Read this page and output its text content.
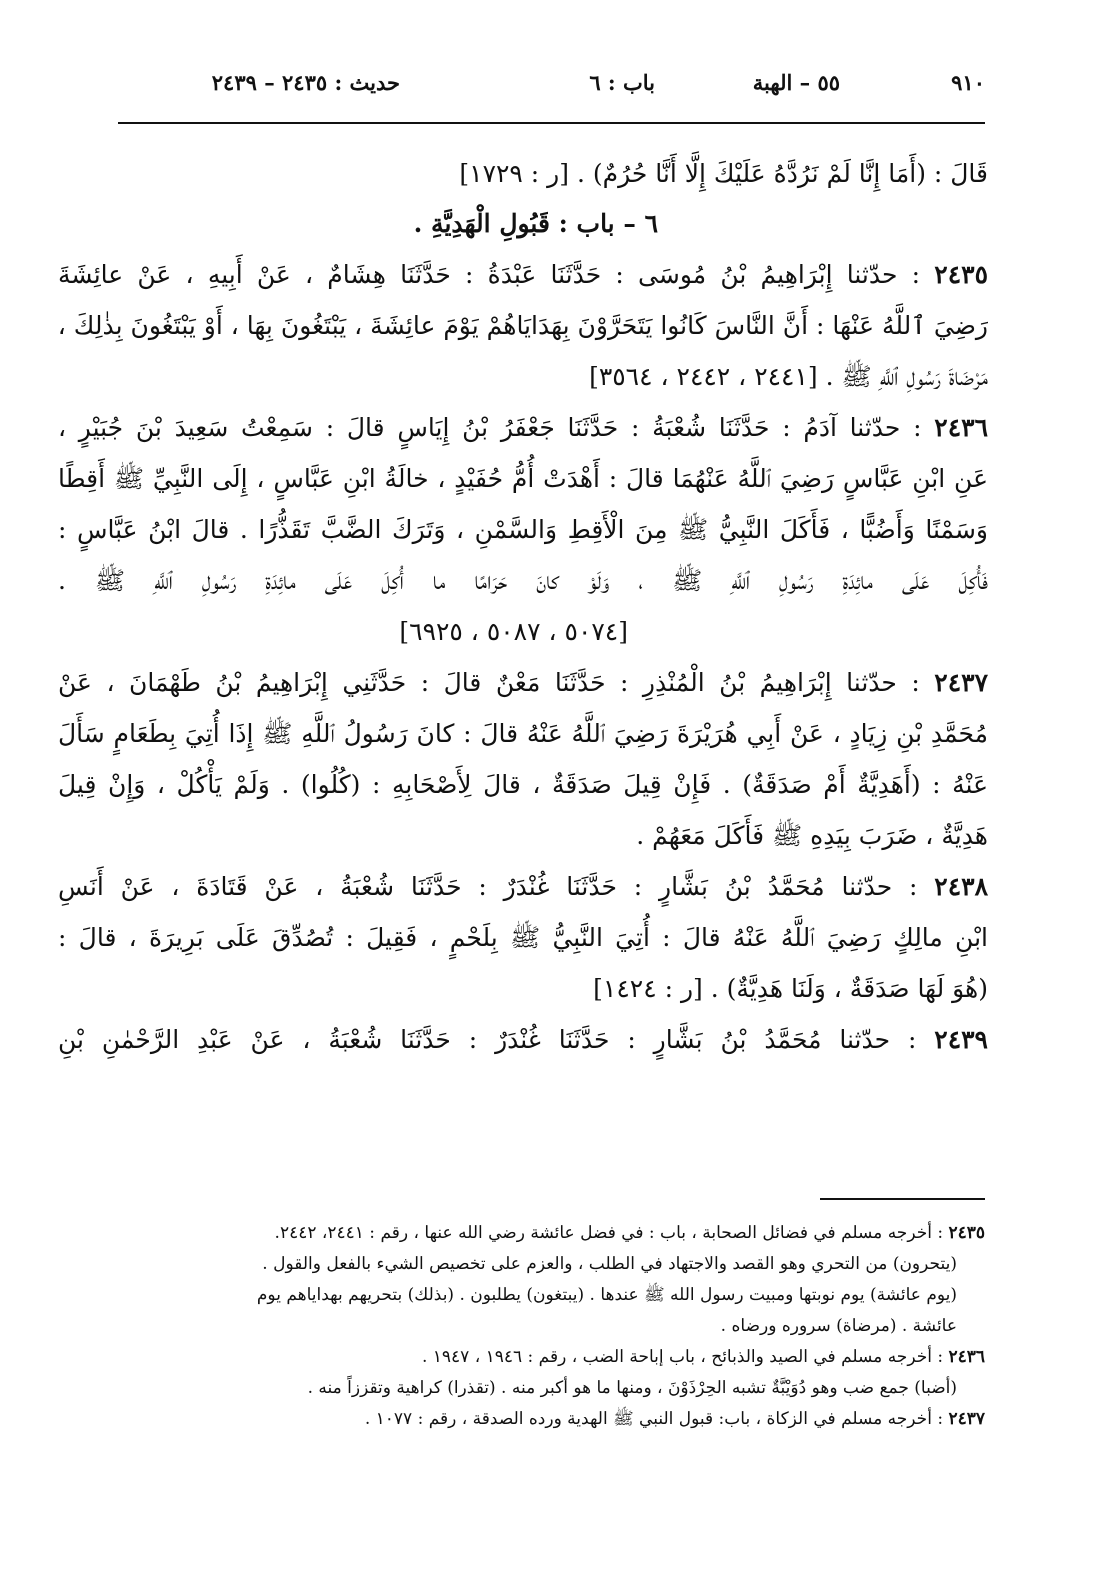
٩١٠
٥٥ – الهبة
باب : ٦
حديث : ٢٤٣٥ – ٢٤٣٩
قَالَ : (أَمَا إِنَّا لَمْ نَرُدَّهُ عَلَيْكَ إِلَّا أَنَّا حُرُمٌ) . [ر : ١٧٢٩]
٦ – باب : قَبُولِ الْهَدِيَّةِ .
٢٤٣٥ : حدّثنا إِبْرَاهِيمُ بْنُ مُوسَى : حَدَّثَنَا عَبْدَةُ : حَدَّثَنَا هِشَامٌ ، عَنْ أَبِيهِ ، عَنْ عائِشَةَ
رَضِيَ ٱللَّهُ عَنْهَا : أَنَّ النَّاسَ كَانُوا يَتَحَرَّوْنَ بِهَدَايَاهُمْ يَوْمَ عائِشَةَ ، يَبْتَغُونَ بِهَا ، أَوْ يَبْتَغُونَ بِذٰلِكَ ،
مَرْضَاةَ رَسُولِ ٱللَّهِ ﷺ . [٢٤٤١ ، ٢٤٤٢ ، ٣٥٦٤]
٢٤٣٦ : حدّثنا آدَمُ : حَدَّثَنَا شُعْبَةُ : حَدَّثَنَا جَعْفَرُ بْنُ إِيَاسٍ قالَ : سَمِعْتُ سَعِيدَ بْنَ جُبَيْرٍ ،
عَنِ ابْنِ عَبَّاسٍ رَضِيَ ٱللَّهُ عَنْهُمَا قالَ : أَهْدَتْ أُمُّ حُفَيْدٍ ، خالَةُ ابْنِ عَبَّاسٍ ، إِلَى النَّبِيِّ ﷺ أَقِطًا
وَسَمْنًا وَأَضُبًّا ، فَأَكَلَ النَّبِيُّ ﷺ مِنَ الْأَقِطِ وَالسَّمْنِ ، وَتَرَكَ الضَّبَّ تَقَذُّرًا . قالَ ابْنُ عَبَّاسٍ :
فَأُكِلَ عَلَى مائِدَةِ رَسُولِ ٱللَّهِ ﷺ ، وَلَوْ كانَ حَرَامًا ما أُكِلَ عَلَى مائِدَةِ رَسُولِ ٱللَّهِ ﷺ .
[٥٠٧٤ ، ٥٠٨٧ ، ٦٩٢٥]
٢٤٣٧ : حدّثنا إِبْرَاهِيمُ بْنُ الْمُنْذِرِ : حَدَّثَنَا مَعْنٌ قالَ : حَدَّثَنِي إِبْرَاهِيمُ بْنُ طَهْمَانَ ، عَنْ
مُحَمَّدِ بْنِ زِيَادٍ ، عَنْ أَبِي هُرَيْرَةَ رَضِيَ ٱللَّهُ عَنْهُ قالَ : كانَ رَسُولُ ٱللَّهِ ﷺ إِذَا أُتِيَ بِطَعَامٍ سَأَلَ
عَنْهُ : (أَهَدِيَّةٌ أَمْ صَدَقَةٌ) . فَإِنْ قِيلَ صَدَقَةٌ ، قالَ لِأَصْحَابِهِ : (كُلُوا) . وَلَمْ يَأْكُلْ ، وَإِنْ قِيلَ
هَدِيَّةٌ ، ضَرَبَ بِيَدِهِ ﷺ فَأَكَلَ مَعَهُمْ .
٢٤٣٨ : حدّثنا مُحَمَّدُ بْنُ بَشَّارٍ : حَدَّثَنَا غُنْدَرٌ : حَدَّثَنَا شُعْبَةُ ، عَنْ قَتَادَةَ ، عَنْ أَنَسِ
ابْنِ مالِكٍ رَضِيَ ٱللَّهُ عَنْهُ قالَ : أُتِيَ النَّبِيُّ ﷺ بِلَحْمٍ ، فَقِيلَ : تُصُدِّقَ عَلَى بَرِيرَةَ ، قالَ :
(هُوَ لَهَا صَدَقَةٌ ، وَلَنَا هَدِيَّةٌ) . [ر : ١٤٢٤]
٢٤٣٩ : حدّثنا مُحَمَّدُ بْنُ بَشَّارٍ : حَدَّثَنَا غُنْدَرٌ : حَدَّثَنَا شُعْبَةُ ، عَنْ عَبْدِ الرَّحْمٰنِ بْنِ
٢٤٣٥ : أخرجه مسلم في فضائل الصحابة ، باب : في فضل عائشة رضي الله عنها ، رقم : ٢٤٤١، ٢٤٤٢.
(يتحرون) من التحري وهو القصد والاجتهاد في الطلب ، والعزم على تخصيص الشيء بالفعل والقول .
(يوم عائشة) يوم نوبتها ومبيت رسول الله ﷺ عندها . (يبتغون) يطلبون . (بذلك) بتحريهم بهداياهم يوم
عائشة . (مرضاة) سروره ورضاه .
٢٤٣٦ : أخرجه مسلم في الصيد والذبائح ، باب إباحة الضب ، رقم : ١٩٤٦ ، ١٩٤٧ .
(أضبا) جمع ضب وهو دُوَيْبَّةٌ تشبه الحِرْذَوْنَ ، ومنها ما هو أكبر منه . (تقذرا) كراهية وتقززاً منه .
٢٤٣٧ : أخرجه مسلم في الزكاة ، باب: قبول النبي ﷺ الهدية ورده الصدقة ، رقم : ١٠٧٧ .
